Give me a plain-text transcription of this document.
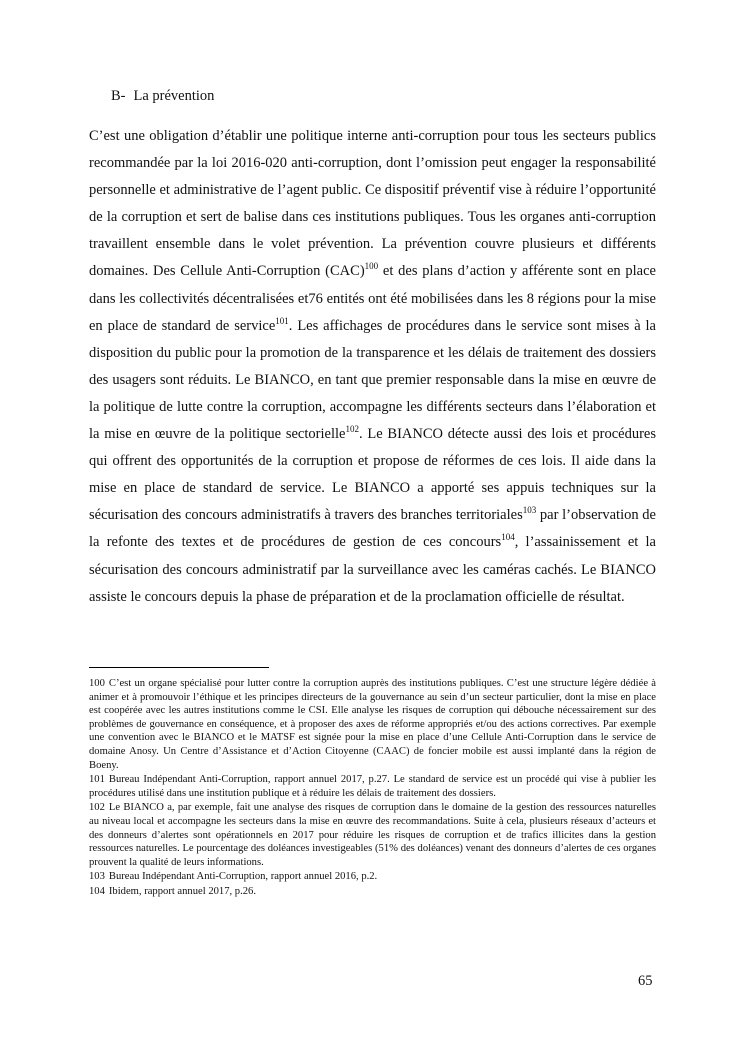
B- La prévention

C’est une obligation d’établir une politique interne anti-corruption pour tous les secteurs publics recommandée par la loi 2016-020 anti-corruption, dont l’omission peut engager la responsabilité personnelle et administrative de l’agent public. Ce dispositif préventif vise à réduire l’opportunité de la corruption et sert de balise dans ces institutions publiques. Tous les organes anti-corruption travaillent ensemble dans le volet prévention. La prévention couvre plusieurs et différents domaines. Des Cellule Anti-Corruption (CAC)$^{100}$ et des plans d’action y afférente sont en place dans les collectivités décentralisées et76 entités ont été mobilisées dans les 8 régions pour la mise en place de standard de service$^{101}$. Les affichages de procédures dans le service sont mises à la disposition du public pour la promotion de la transparence et les délais de traitement des dossiers des usagers sont réduits. Le BIANCO, en tant que premier responsable dans la mise en œuvre de la politique de lutte contre la corruption, accompagne les différents secteurs dans l’élaboration et la mise en œuvre de la politique sectorielle$^{102}$. Le BIANCO détecte aussi des lois et procédures qui offrent des opportunités de la corruption et propose de réformes de ces lois. Il aide dans la mise en place de standard de service. Le BIANCO a apporté ses appuis techniques sur la sécurisation des concours administratifs à travers des branches territoriales$^{103}$ par l’observation de la refonte des textes et de procédures de gestion de ces concours$^{104}$, l’assainissement et la sécurisation des concours administratif par la surveillance avec les caméras cachés. Le BIANCO assiste le concours depuis la phase de préparation et de la proclamation officielle de résultat.

100 C’est un organe spécialisé pour lutter contre la corruption auprès des institutions publiques. C’est une structure légère dédiée à animer et à promouvoir l’éthique et les principes directeurs de la gouvernance au sein d’un secteur particulier, dont la mise en place est coopérée avec les autres institutions comme le CSI. Elle analyse les risques de corruption qui débouche nécessairement sur des problèmes de gouvernance en conséquence, et à proposer des axes de réforme appropriés et/ou des actions correctives. Par exemple une convention avec le BIANCO et le MATSF est signée pour la mise en place d’une Cellule Anti-Corruption dans le service de domaine Anosy. Un Centre d’Assistance et d’Action Citoyenne (CAAC) de foncier mobile est aussi implanté dans la région de Boeny.

101 Bureau Indépendant Anti-Corruption, rapport annuel 2017, p.27. Le standard de service est un procédé qui vise à publier les procédures utilisé dans une institution publique et à réduire les délais de traitement des dossiers.

102 Le BIANCO a, par exemple, fait une analyse des risques de corruption dans le domaine de la gestion des ressources naturelles au niveau local et accompagne les secteurs dans la mise en œuvre des recommandations. Suite à cela, plusieurs réseaux d’acteurs et des donneurs d’alertes sont opérationnels en 2017 pour réduire les risques de corruption et de trafics illicites dans la gestion ressources naturelles. Le pourcentage des doléances investigeables (51% des doléances) venant des donneurs d’alertes de ces organes prouvent la qualité de leurs informations.

103 Bureau Indépendant Anti-Corruption, rapport annuel 2016, p.2.

104 Ibidem, rapport annuel 2017, p.26.

65
